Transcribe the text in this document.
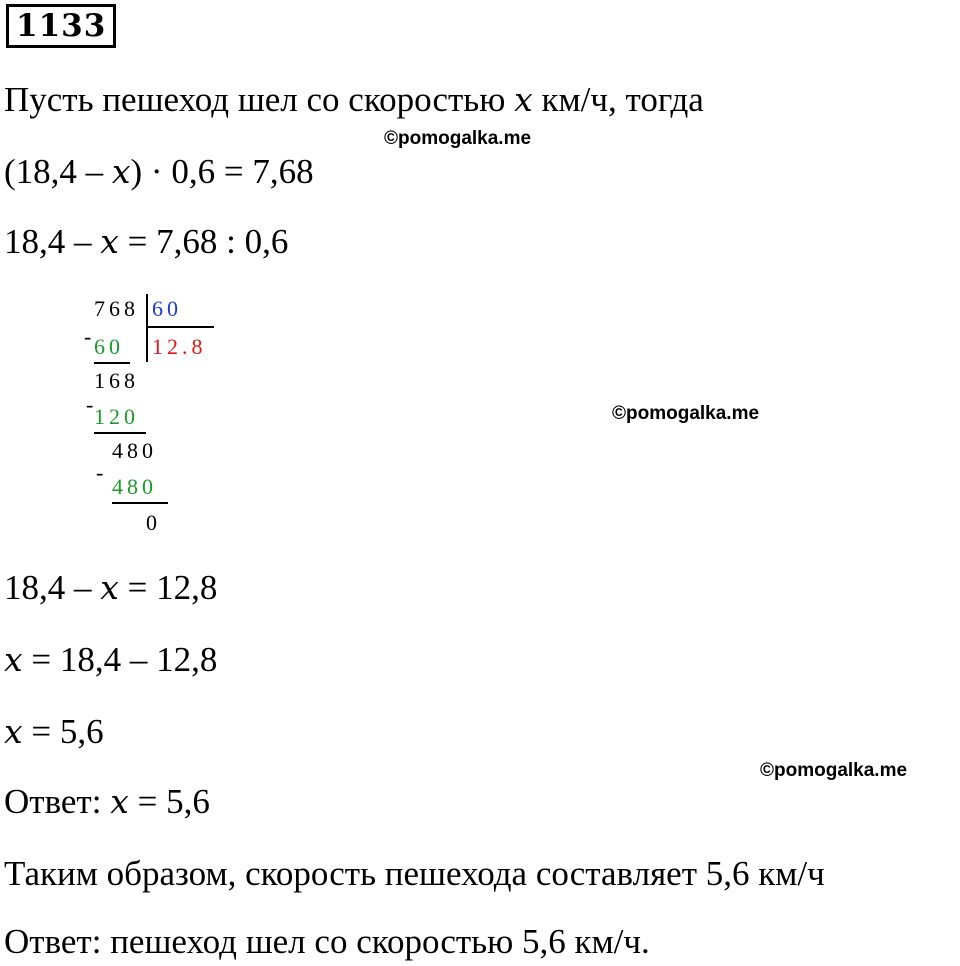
1133
Пусть пешеход шел со скоростью x км/ч, тогда
©pomogalka.me
(18,4 – x) · 0,6 = 7,68
18,4 – x = 7,68 : 0,6
768 60
12.8
- 60
168
- 120
480
-
480
0
©pomogalka.me
18,4 – x = 12,8
x = 18,4 – 12,8
x = 5,6
©pomogalka.me
Ответ: x = 5,6
Таким образом, скорость пешехода составляет 5,6 км/ч
Ответ: пешеход шел со скоростью 5,6 км/ч.
